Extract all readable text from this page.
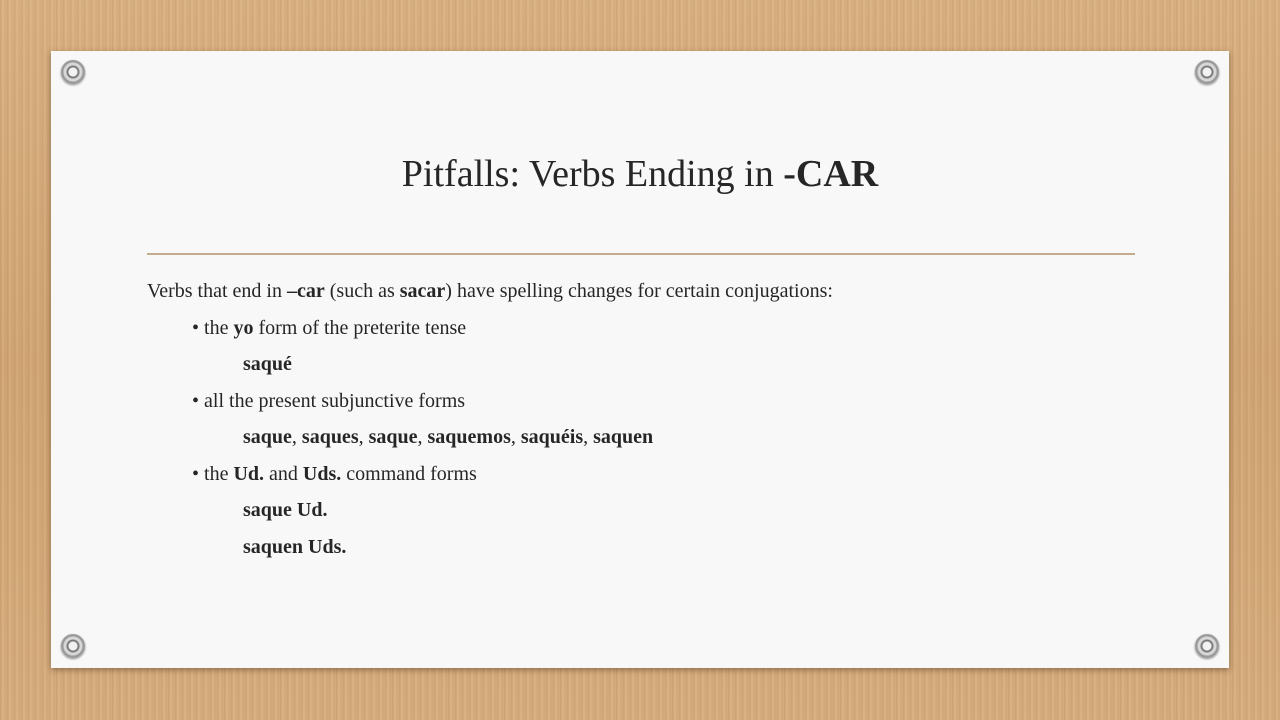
Pitfalls: Verbs Ending in -CAR
Verbs that end in –car (such as sacar) have spelling changes for certain conjugations:
• the yo form of the preterite tense
saqué
• all the present subjunctive forms
saque, saques, saque, saquemos, saquéis, saquen
• the Ud. and Uds. command forms
saque Ud.
saquen Uds.
